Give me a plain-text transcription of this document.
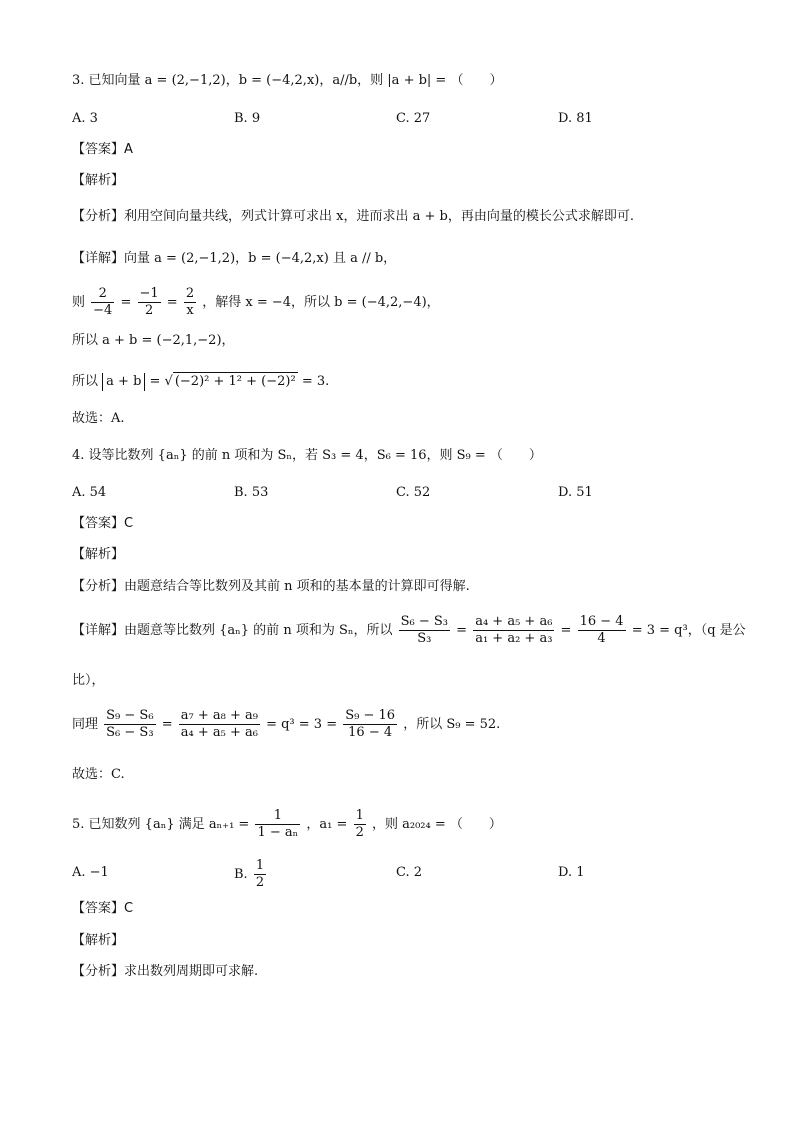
3. 已知向量 a = (2,−1,2)，b = (−4,2,x)，a//b，则 |a + b| = （　　）
A. 3	B. 9	C. 27	D. 81
【答案】A
【解析】
【分析】利用空间向量共线，列式计算可求出 x，进而求出 a + b，再由向量的模长公式求解即可.
【详解】向量 a = (2,−1,2)，b = (−4,2,x) 且 a // b，
则 $\frac{2}{-4} = \frac{-1}{2} = \frac{2}{x}$ ，解得 x = −4，所以 b = (−4,2,−4)，
所以 a + b = (−2,1,−2)，
所以 a + b = √ (−2)² + 1² + (−2)² = 3.
故选：A.
4. 设等比数列 {aₙ} 的前 n 项和为 Sₙ，若 S₃ = 4，S₆ = 16，则 S₉ = （　　）
A. 54	B. 53	C. 52	D. 51
【答案】C
【解析】
【分析】由题意结合等比数列及其前 n 项和的基本量的计算即可得解.
【详解】由题意等比数列 {aₙ} 的前 n 项和为 Sₙ，所以 $\frac{\text{S₆ − S₃}}{\text{S₃}} = \frac{\text{a₄ + a₅ + a₆}}{\text{a₁ + a₂ + a₃}} = \frac{16 - 4}{4} = 3 = q^3$，（q 是公
比），
同理 $\frac{\text{S₉ − S₆}}{\text{S₆ − S₃}} = \frac{\text{a₇ + a₈ + a₉}}{\text{a₄ + a₅ + a₆}} = q^3 = 3 = \frac{\text{S₉ − 16}}{16 - 4}$ ，所以 S₉ = 52.
故选：C.
5. 已知数列 {aₙ} 满足 $a_{n+1} = \frac{1}{\text{1 − aₙ}}$ ，$a_1 = \frac{1}{2}$ ，则 a₂₀₂₄ = （　　）
A. −1	B. $\frac{1}{2}$	C. 2	D. 1
【答案】C
【解析】
【分析】求出数列周期即可求解.
